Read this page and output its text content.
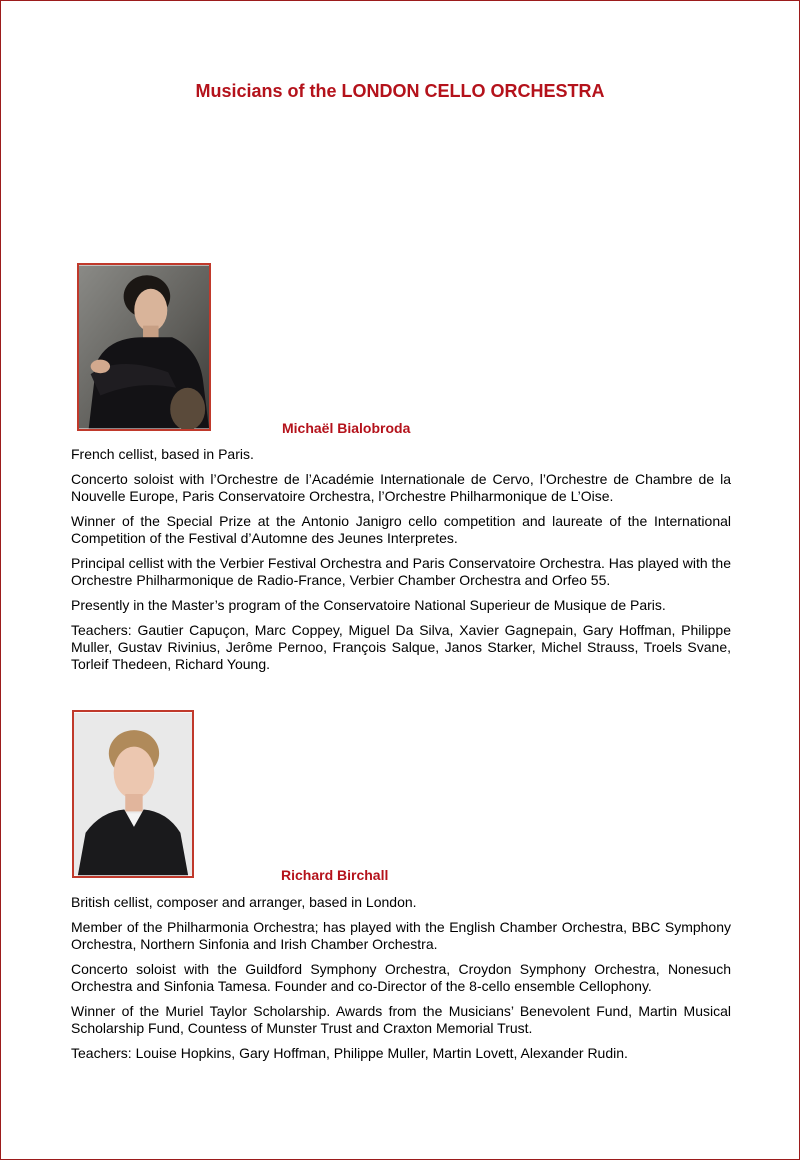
Musicians of the LONDON CELLO ORCHESTRA
Michaël Bialobroda

French cellist, based in Paris.

Concerto soloist with l’Orchestre de l’Académie Internationale de Cervo, l’Orchestre de Chambre de la Nouvelle Europe, Paris Conservatoire Orchestra, l’Orchestre Philharmonique de L’Oise.

Winner of the Special Prize at the Antonio Janigro cello competition and laureate of the International Competition of the Festival d’Automne des Jeunes Interpretes.

Principal cellist with the Verbier Festival Orchestra and Paris Conservatoire Orchestra. Has played with the Orchestre Philharmonique de Radio-France, Verbier Chamber Orchestra and Orfeo 55.

Presently in the Master’s program of the Conservatoire National Superieur de Musique de Paris.

Teachers: Gautier Capuçon, Marc Coppey, Miguel Da Silva, Xavier Gagnepain, Gary Hoffman, Philippe Muller, Gustav Rivinius, Jerôme Pernoo, François Salque, Janos Starker, Michel Strauss, Troels Svane, Torleif Thedeen, Richard Young.

Richard Birchall

British cellist, composer and arranger, based in London.

Member of the Philharmonia Orchestra; has played with the English Chamber Orchestra, BBC Symphony Orchestra, Northern Sinfonia and Irish Chamber Orchestra.

Concerto soloist with the Guildford Symphony Orchestra, Croydon Symphony Orchestra, Nonesuch Orchestra and Sinfonia Tamesa. Founder and co-Director of the 8-cello ensemble Cellophony.

Winner of the Muriel Taylor Scholarship. Awards from the Musicians’ Benevolent Fund, Martin Musical Scholarship Fund, Countess of Munster Trust and Craxton Memorial Trust.

Teachers: Louise Hopkins, Gary Hoffman, Philippe Muller, Martin Lovett, Alexander Rudin.
